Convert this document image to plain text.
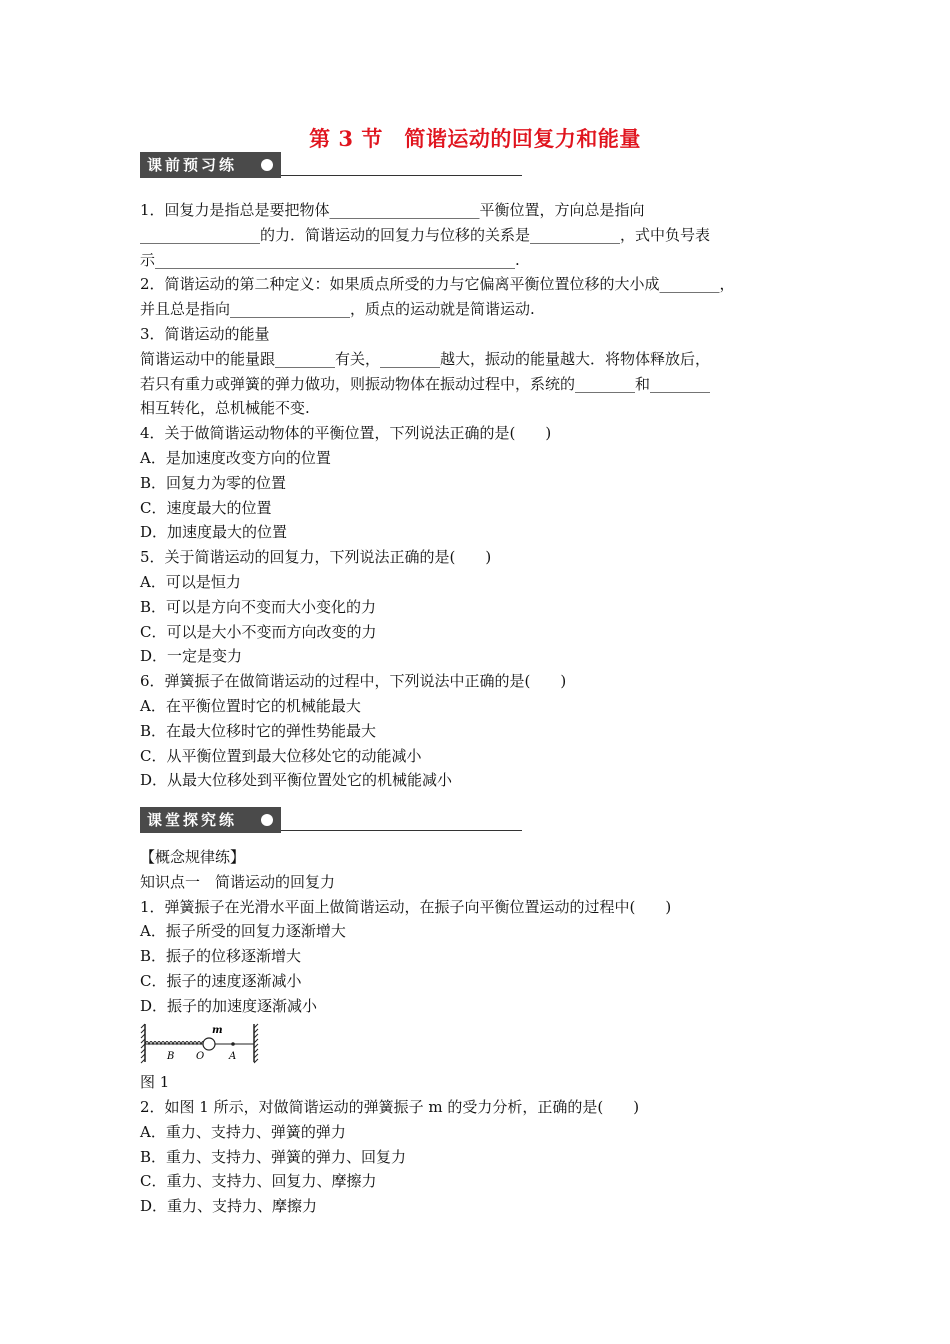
第 3 节　简谐运动的回复力和能量
课前预习练
1．回复力是指总是要把物体____________________平衡位置，方向总是指向
________________的力．简谐运动的回复力与位移的关系是____________，式中负号表
示________________________________________________.
2．简谐运动的第二种定义：如果质点所受的力与它偏离平衡位置位移的大小成________，
并且总是指向________________，质点的运动就是简谐运动.
3．简谐运动的能量
简谐运动中的能量跟________有关，________越大，振动的能量越大．将物体释放后，
若只有重力或弹簧的弹力做功，则振动物体在振动过程中，系统的________和________
相互转化，总机械能不变.
4．关于做简谐运动物体的平衡位置，下列说法正确的是(　　)
A．是加速度改变方向的位置
B．回复力为零的位置
C．速度最大的位置
D．加速度最大的位置
5．关于简谐运动的回复力，下列说法正确的是(　　)
A．可以是恒力
B．可以是方向不变而大小变化的力
C．可以是大小不变而方向改变的力
D．一定是变力
6．弹簧振子在做简谐运动的过程中，下列说法中正确的是(　　)
A．在平衡位置时它的机械能最大
B．在最大位移时它的弹性势能最大
C．从平衡位置到最大位移处它的动能减小
D．从最大位移处到平衡位置处它的机械能减小
课堂探究练
【概念规律练】
知识点一　简谐运动的回复力
1．弹簧振子在光滑水平面上做简谐运动，在振子向平衡位置运动的过程中(　　)
A．振子所受的回复力逐渐增大
B．振子的位移逐渐增大
C．振子的速度逐渐减小
D．振子的加速度逐渐减小
m
B O A
图 1
2．如图 1 所示，对做简谐运动的弹簧振子 m 的受力分析，正确的是(　　)
A．重力、支持力、弹簧的弹力
B．重力、支持力、弹簧的弹力、回复力
C．重力、支持力、回复力、摩擦力
D．重力、支持力、摩擦力
